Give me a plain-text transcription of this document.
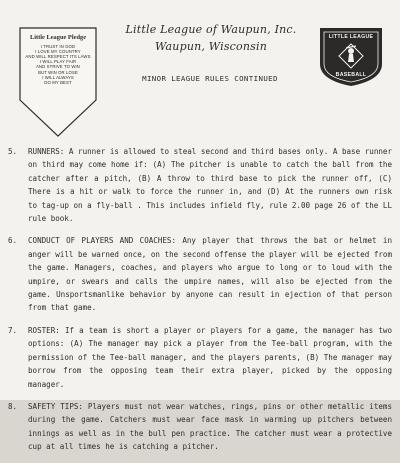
Little League Pledge
I TRUST IN GOD
I LOVE MY COUNTRY
AND WILL RESPECT ITS LAWS
I WILL PLAY FAIR
AND STRIVE TO WIN
BUT WIN OR LOSE
I WILL ALWAYS
DO MY BEST
Little League of Waupun, Inc.
Waupun, Wisconsin
MINOR LEAGUE RULES CONTINUED
LITTLE LEAGUE
BASEBALL
5.	RUNNERS: A runner is allowed to steal second and third bases only. A base runner on third may come home if: (A) The pitcher is unable to catch the ball from the catcher after a pitch, (B) A throw to third base to pick the runner off, (C) There is a hit or walk to force the runner in, and (D) At the runners own risk to tag-up on a fly-ball . This includes infield fly, rule 2.00 page 26 of the LL rule book.
6.	CONDUCT OF PLAYERS AND COACHES: Any player that throws the bat or helmet in anger will be warned once, on the second offense the player will be ejected from the game. Managers, coaches, and players who argue to long or to loud with the umpire, or swears and calls the umpire names, will also be ejected from the game. Unsportsmanlike behavior by anyone can result in ejection of that person from that game.
7.	ROSTER: If a team is short a player or players for a game, the manager has two options: (A) The manager may pick a player from the Tee-ball program, with the permission of the Tee-ball manager, and the players parents, (B) The manager may borrow from the opposing team their extra player, picked by the opposing manager.
8.	SAFETY TIPS: Players must not wear watches, rings, pins or other metallic items during the game. Catchers must wear face mask in warming up pitchers between innings as well as in the bull pen practice. The catcher must wear a protective cup at all times he is catching a pitcher.
